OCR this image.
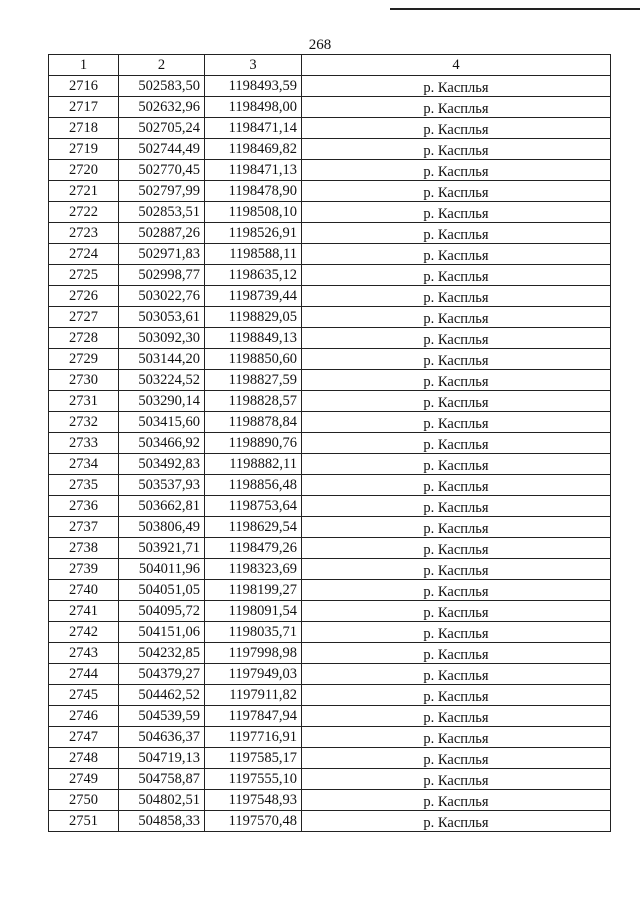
268
1	2	3	4
2716	502583,50	1198493,59	р. Касплья
2717	502632,96	1198498,00	р. Касплья
2718	502705,24	1198471,14	р. Касплья
2719	502744,49	1198469,82	р. Касплья
2720	502770,45	1198471,13	р. Касплья
2721	502797,99	1198478,90	р. Касплья
2722	502853,51	1198508,10	р. Касплья
2723	502887,26	1198526,91	р. Касплья
2724	502971,83	1198588,11	р. Касплья
2725	502998,77	1198635,12	р. Касплья
2726	503022,76	1198739,44	р. Касплья
2727	503053,61	1198829,05	р. Касплья
2728	503092,30	1198849,13	р. Касплья
2729	503144,20	1198850,60	р. Касплья
2730	503224,52	1198827,59	р. Касплья
2731	503290,14	1198828,57	р. Касплья
2732	503415,60	1198878,84	р. Касплья
2733	503466,92	1198890,76	р. Касплья
2734	503492,83	1198882,11	р. Касплья
2735	503537,93	1198856,48	р. Касплья
2736	503662,81	1198753,64	р. Касплья
2737	503806,49	1198629,54	р. Касплья
2738	503921,71	1198479,26	р. Касплья
2739	504011,96	1198323,69	р. Касплья
2740	504051,05	1198199,27	р. Касплья
2741	504095,72	1198091,54	р. Касплья
2742	504151,06	1198035,71	р. Касплья
2743	504232,85	1197998,98	р. Касплья
2744	504379,27	1197949,03	р. Касплья
2745	504462,52	1197911,82	р. Касплья
2746	504539,59	1197847,94	р. Касплья
2747	504636,37	1197716,91	р. Касплья
2748	504719,13	1197585,17	р. Касплья
2749	504758,87	1197555,10	р. Касплья
2750	504802,51	1197548,93	р. Касплья
2751	504858,33	1197570,48	р. Касплья
